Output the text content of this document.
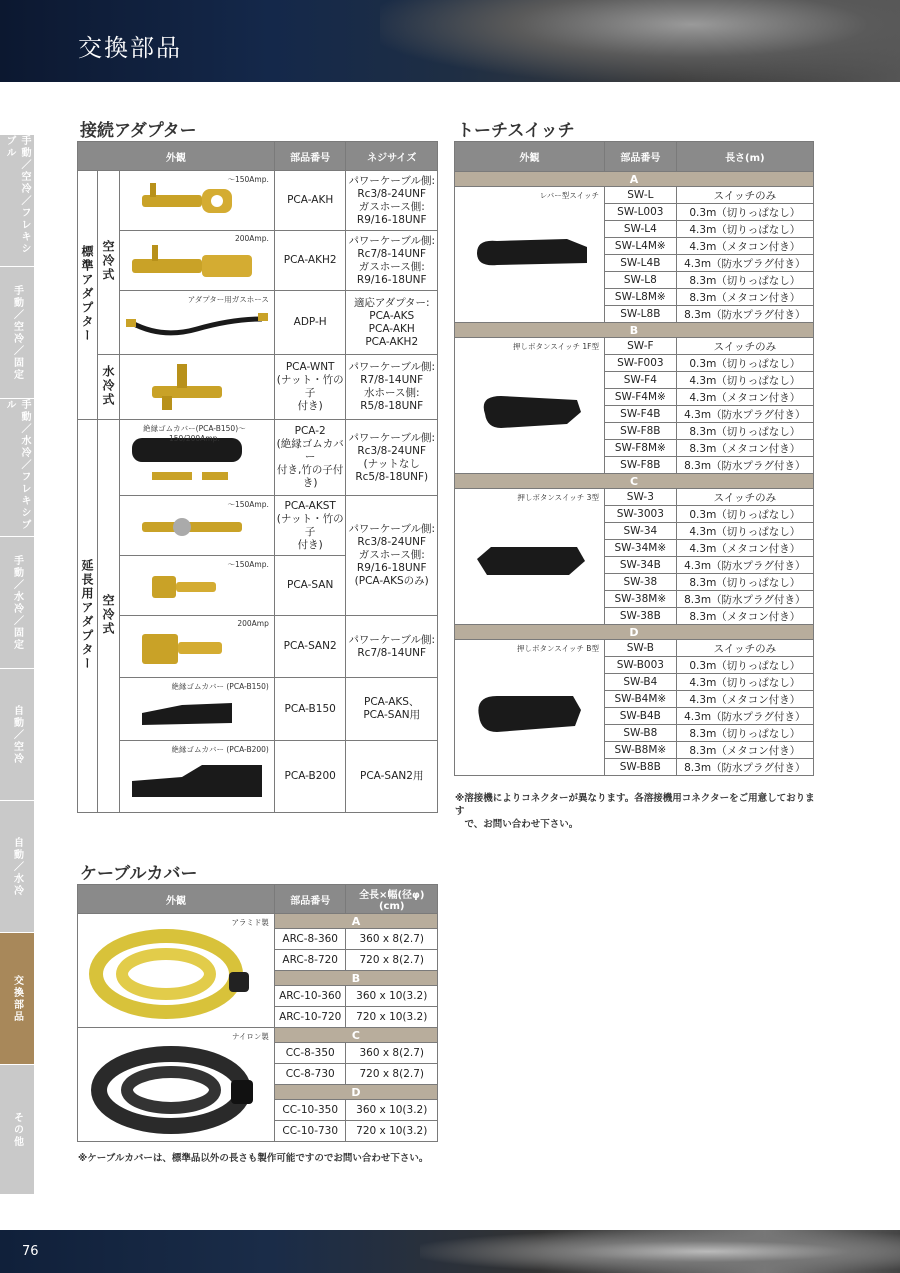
交換部品
手動／空冷／フレキシブル
手動／空冷／固定
手動／水冷／フレキシブル
手動／水冷／固定
自動／空冷
自動／水冷
交換部品
その他
接続アダプター
外観			部品番号	ネジサイズ
標準アダプター	空冷式	～150Amp.	PCA-AKH	パワーケーブル側:
Rc3/8-24UNF
ガスホース側:
R9/16-18UNF

		200Amp.	PCA-AKH2	パワーケーブル側:
Rc7/8-14UNF
ガスホース側:
R9/16-18UNF

		アダプター用ガスホース	ADP-H	適応アダプター:
PCA-AKS
PCA-AKH
PCA-AKH2
	水冷式		PCA-WNT
(ナット・竹の子
付き)	パワーケーブル側:
R7/8-14UNF
水ホース側:
R5/8-18UNF
延長用アダプター	空冷式	絶縁ゴムカバー(PCA-B150)～150/200Amp.	PCA-2
(絶縁ゴムカバー
付き,竹の子付き)	パワーケーブル側:
Rc3/8-24UNF
(ナットなし
Rc5/8-18UNF)

		～150Amp.	PCA-AKST
(ナット・竹の子
付き)	パワーケーブル側:
Rc3/8-24UNF
ガスホース側:
R9/16-18UNF
(PCA-AKSのみ)

		～150Amp.	PCA-SAN	

		200Amp	PCA-SAN2	パワーケーブル側:
Rc7/8-14UNF

		絶縁ゴムカバー (PCA-B150)	PCA-B150	PCA-AKS、
PCA-SAN用

		絶縁ゴムカバー (PCA-B200)	PCA-B200	PCA-SAN2用
トーチスイッチ
外観	部品番号	長さ(m)
A		

レバー型スイッチ	SW-L	スイッチのみ
	SW-L003	0.3m（切りっぱなし）
	SW-L4	4.3m（切りっぱなし）
	SW-L4M※	4.3m（メタコン付き）
	SW-L4B	4.3m（防水プラグ付き）
	SW-L8	8.3m（切りっぱなし）
	SW-L8M※	8.3m（メタコン付き）
	SW-L8B	8.3m（防水プラグ付き）
B		

押しボタンスイッチ 1F型	SW-F	スイッチのみ
	SW-F003	0.3m（切りっぱなし）
	SW-F4	4.3m（切りっぱなし）
	SW-F4M※	4.3m（メタコン付き）
	SW-F4B	4.3m（防水プラグ付き）
	SW-F8B	8.3m（切りっぱなし）
	SW-F8M※	8.3m（メタコン付き）
	SW-F8B	8.3m（防水プラグ付き）
C		

押しボタンスイッチ 3型	SW-3	スイッチのみ
	SW-3003	0.3m（切りっぱなし）
	SW-34	4.3m（切りっぱなし）
	SW-34M※	4.3m（メタコン付き）
	SW-34B	4.3m（防水プラグ付き）
	SW-38	8.3m（切りっぱなし）
	SW-38M※	8.3m（防水プラグ付き）
	SW-38B	8.3m（メタコン付き）
D		

押しボタンスイッチ B型	SW-B	スイッチのみ
	SW-B003	0.3m（切りっぱなし）
	SW-B4	4.3m（切りっぱなし）
	SW-B4M※	4.3m（メタコン付き）
	SW-B4B	4.3m（防水プラグ付き）
	SW-B8	8.3m（切りっぱなし）
	SW-B8M※	8.3m（メタコン付き）
	SW-B8B	8.3m（防水プラグ付き）
※溶接機によりコネクターが異なります。各溶接機用コネクターをご用意しております
　で、お問い合わせ下さい。
ケーブルカバー
外観	部品番号	全長×幅(径φ) (cm)

アラミド製	A	
	ARC-8-360	360 x 8(2.7)
	ARC-8-720	720 x 8(2.7)
	B	
	ARC-10-360	360 x 10(3.2)
	ARC-10-720	720 x 10(3.2)

ナイロン製	C	
	CC-8-350	360 x 8(2.7)
	CC-8-730	720 x 8(2.7)
	D	
	CC-10-350	360 x 10(3.2)
	CC-10-730	720 x 10(3.2)
※ケーブルカバーは、標準品以外の長さも製作可能ですのでお問い合わせ下さい。
76
